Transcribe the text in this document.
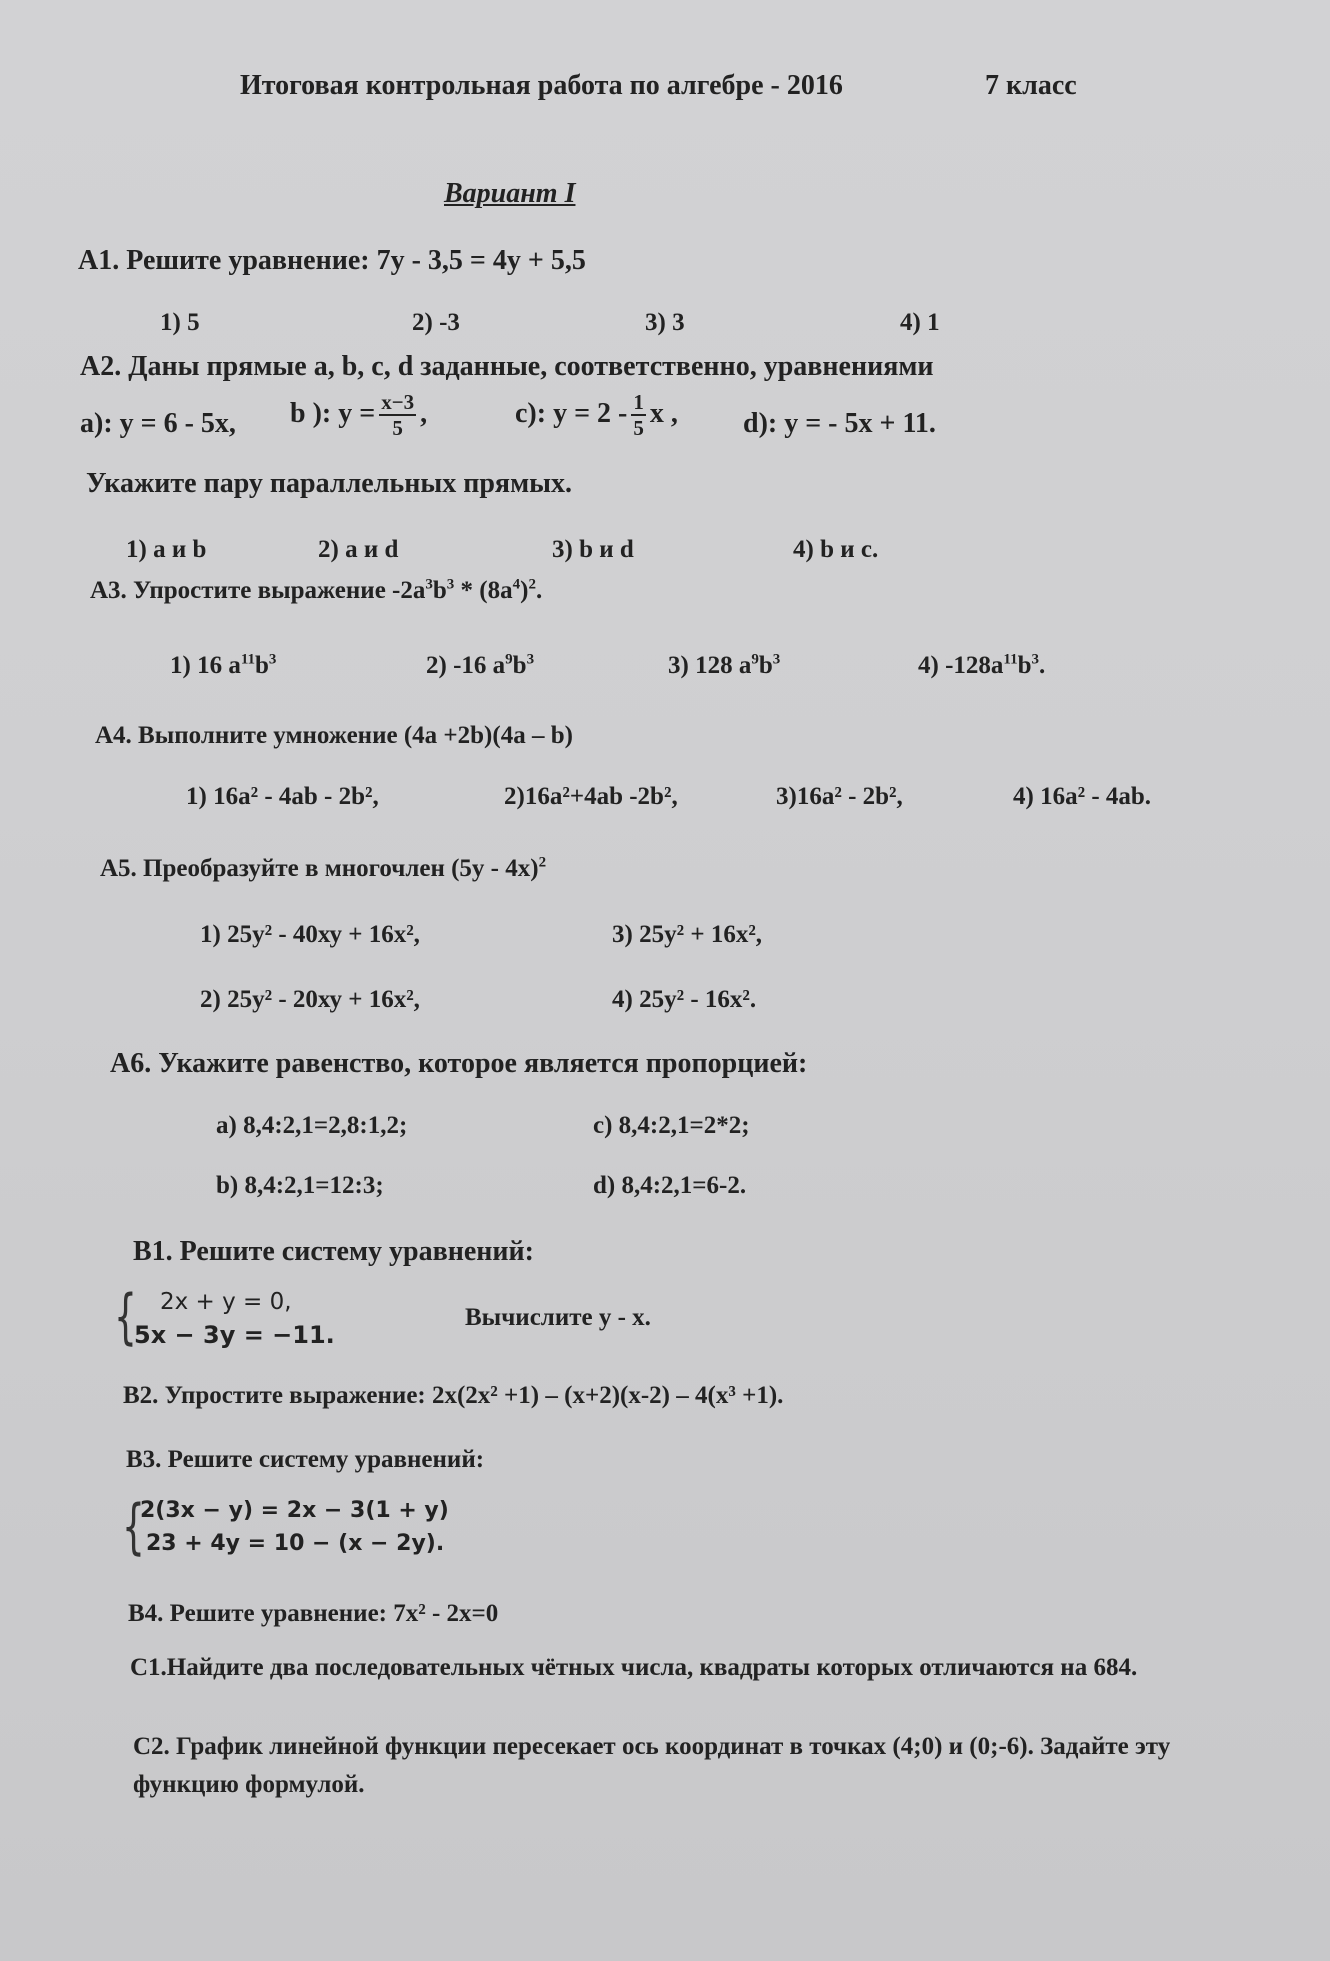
Итоговая контрольная работа по алгебре - 2016	7 класс
Вариант I
А1. Решите уравнение: 7у - 3,5 = 4у + 5,5
1) 5	2) -3	3) 3	4) 1
А2. Даны прямые a, b, c, d заданные, соответственно, уравнениями
а): у = 6 - 5х, b ): $у = \frac{х-3}{5}$ ,	с): $у = 2 - \frac{1}{5}$ х , d): у = - 5х + 11.
Укажите пару параллельных прямых.
1) a и b	2) a и d	3) b и d	4) b и c.
А3. Упростите выражение $-2a^3b^3 * (8a^4)^2$.
1) 16 $a^{11}b^3$	2) -16 $a^9b^3$	3) 128 $a^9b^3$	4) $-128a^{11}b^3$.
А4. Выполните умножение (4a +2b)(4a – b)
1) 16a² - 4ab - 2b²,	2)16a²+4ab -2b²,	3)16a² - 2b²,	4) 16a² - 4ab.
А5. Преобразуйте в многочлен (5у - 4х)$^2$
1) 25у² - 40ху + 16х²,	3) 25у² + 16х²,
2) 25у² - 20ху + 16х²,	4) 25у² - 16х².
А6. Укажите равенство, которое является пропорцией:
a) 8,4:2,1=2,8:1,2;	c) 8,4:2,1=2*2;
b) 8,4:2,1=12:3;	d) 8,4:2,1=6-2.
В1. Решите систему уравнений:
{ 2x + y = 0,
5x − 3y = −11.
Вычислите у - х.
В2. Упростите выражение: 2х(2х² +1) – (х+2)(х-2) – 4(х³ +1).
В3. Решите систему уравнений:
{
2(3x − y) = 2x − 3(1 + y)
23 + 4y = 10 − (x − 2y).
В4. Решите уравнение: 7х² - 2х=0
С1.Найдите два последовательных чётных числа, квадраты которых отличаются на 684.
С2. График линейной функции пересекает ось координат в точках (4;0) и (0;-6). Задайте эту
функцию формулой.
